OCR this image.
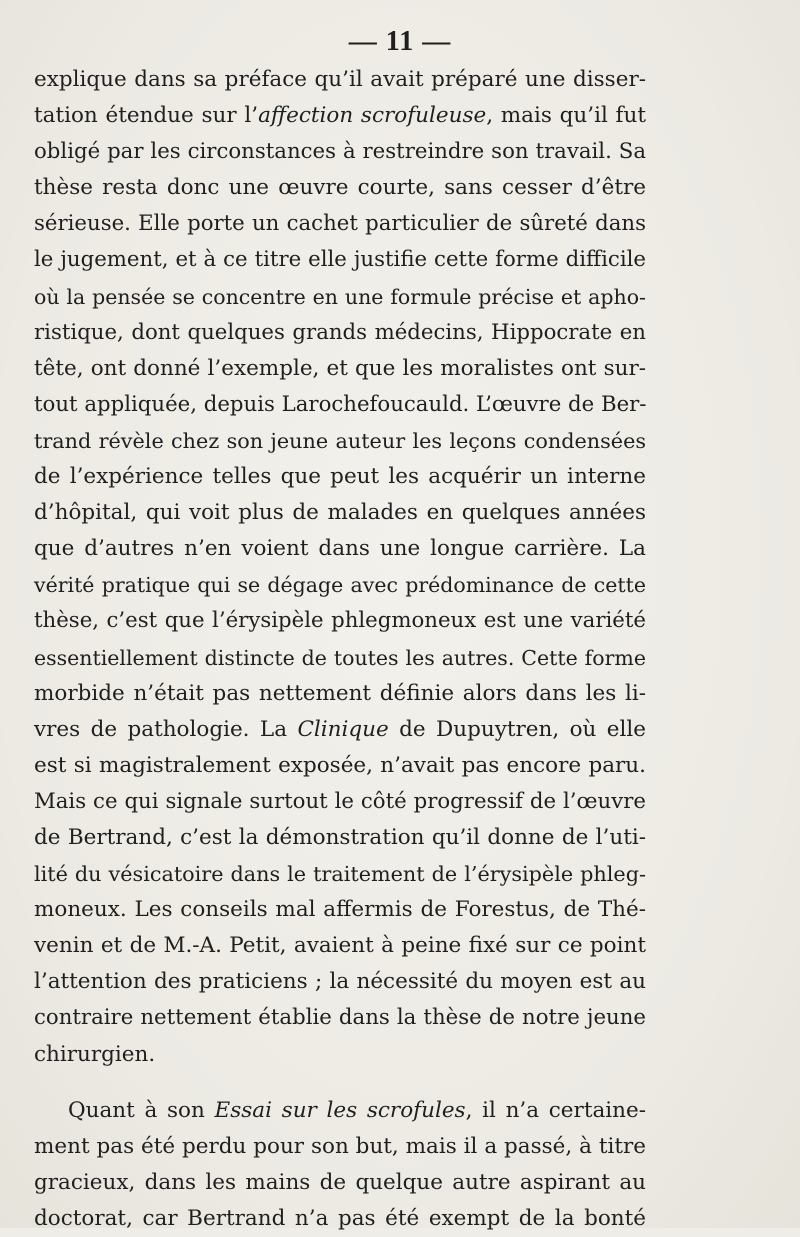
— 11 —
explique dans sa préface qu’il avait préparé une disser-
tation étendue sur l’affection scrofuleuse, mais qu’il fut
obligé par les circonstances à restreindre son travail. Sa
thèse resta donc une œuvre courte, sans cesser d’être
sérieuse. Elle porte un cachet particulier de sûreté dans
le jugement, et à ce titre elle justifie cette forme difficile
où la pensée se concentre en une formule précise et apho-
ristique, dont quelques grands médecins, Hippocrate en
tête, ont donné l’exemple, et que les moralistes ont sur-
tout appliquée, depuis Larochefoucauld. L’œuvre de Ber-
trand révèle chez son jeune auteur les leçons condensées
de l’expérience telles que peut les acquérir un interne
d’hôpital, qui voit plus de malades en quelques années
que d’autres n’en voient dans une longue carrière. La
vérité pratique qui se dégage avec prédominance de cette
thèse, c’est que l’érysipèle phlegmoneux est une variété
essentiellement distincte de toutes les autres. Cette forme
morbide n’était pas nettement définie alors dans les li-
vres de pathologie. La Clinique de Dupuytren, où elle
est si magistralement exposée, n’avait pas encore paru.
Mais ce qui signale surtout le côté progressif de l’œuvre
de Bertrand, c’est la démonstration qu’il donne de l’uti-
lité du vésicatoire dans le traitement de l’érysipèle phleg-
moneux. Les conseils mal affermis de Forestus, de Thé-
venin et de M.-A. Petit, avaient à peine fixé sur ce point
l’attention des praticiens ; la nécessité du moyen est au
contraire nettement établie dans la thèse de notre jeune
chirurgien.
Quant à son Essai sur les scrofules, il n’a certaine-
ment pas été perdu pour son but, mais il a passé, à titre
gracieux, dans les mains de quelque autre aspirant au
doctorat, car Bertrand n’a pas été exempt de la bonté
